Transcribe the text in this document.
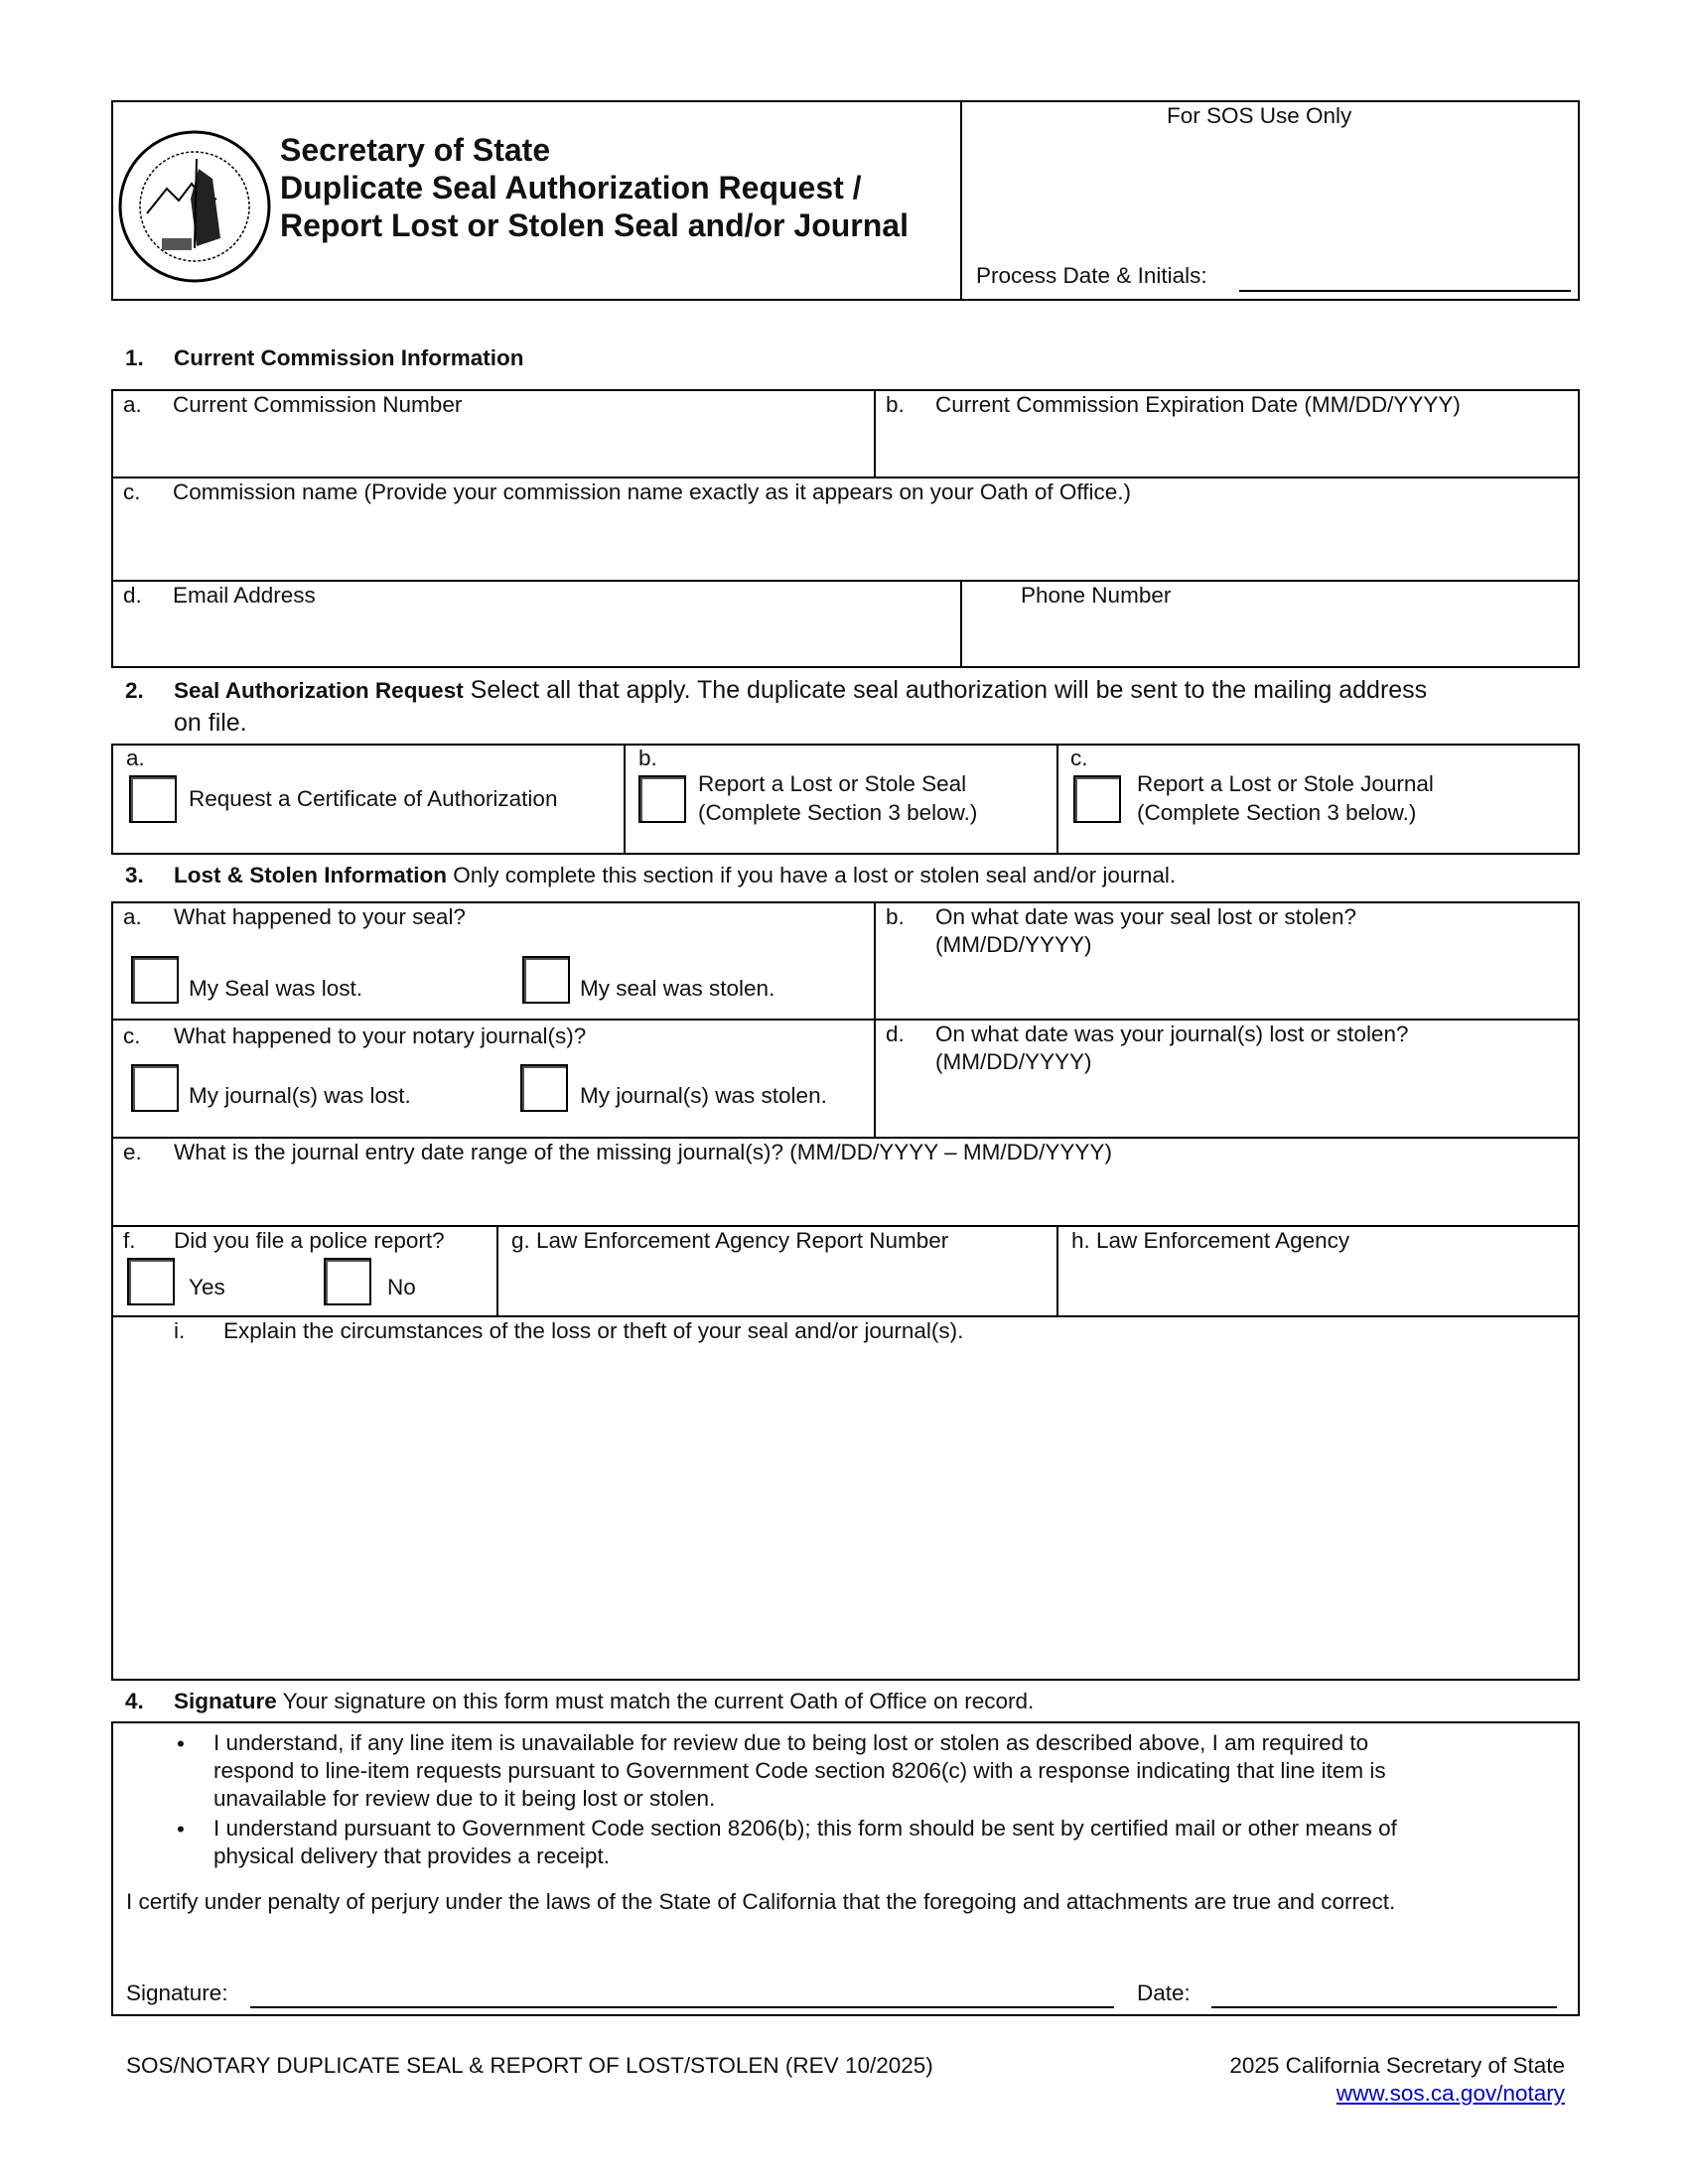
Secretary of State
Duplicate Seal Authorization Request /
Report Lost or Stolen Seal and/or Journal
For SOS Use Only
Process Date & Initials:
1. Current Commission Information
a. Current Commission Number	b. Current Commission Expiration Date (MM/DD/YYYY)
c. Commission name (Provide your commission name exactly as it appears on your Oath of Office.)
d. Email Address	Phone Number
2. Seal Authorization Request Select all that apply. The duplicate seal authorization will be sent to the mailing address
on file.
a.
Request a Certificate of Authorization
b.
Report a Lost or Stole Seal
(Complete Section 3 below.)
c.
Report a Lost or Stole Journal
(Complete Section 3 below.)
3. Lost & Stolen Information Only complete this section if you have a lost or stolen seal and/or journal.
a. What happened to your seal?
My Seal was lost.	My seal was stolen.
b. On what date was your seal lost or stolen?
(MM/DD/YYYY)
c. What happened to your notary journal(s)?
My journal(s) was lost.	My journal(s) was stolen.
d. On what date was your journal(s) lost or stolen?
(MM/DD/YYYY)
e. What is the journal entry date range of the missing journal(s)? (MM/DD/YYYY – MM/DD/YYYY)
f. Did you file a police report?
Yes	No
g. Law Enforcement Agency Report Number	h. Law Enforcement Agency
i. Explain the circumstances of the loss or theft of your seal and/or journal(s).
4. Signature Your signature on this form must match the current Oath of Office on record.
• I understand, if any line item is unavailable for review due to being lost or stolen as described above, I am required to
respond to line-item requests pursuant to Government Code section 8206(c) with a response indicating that line item is
unavailable for review due to it being lost or stolen.
• I understand pursuant to Government Code section 8206(b); this form should be sent by certified mail or other means of
physical delivery that provides a receipt.
I certify under penalty of perjury under the laws of the State of California that the foregoing and attachments are true and correct.
Signature:	Date:
SOS/NOTARY DUPLICATE SEAL & REPORT OF LOST/STOLEN (REV 10/2025)	2025 California Secretary of State
www.sos.ca.gov/notary
